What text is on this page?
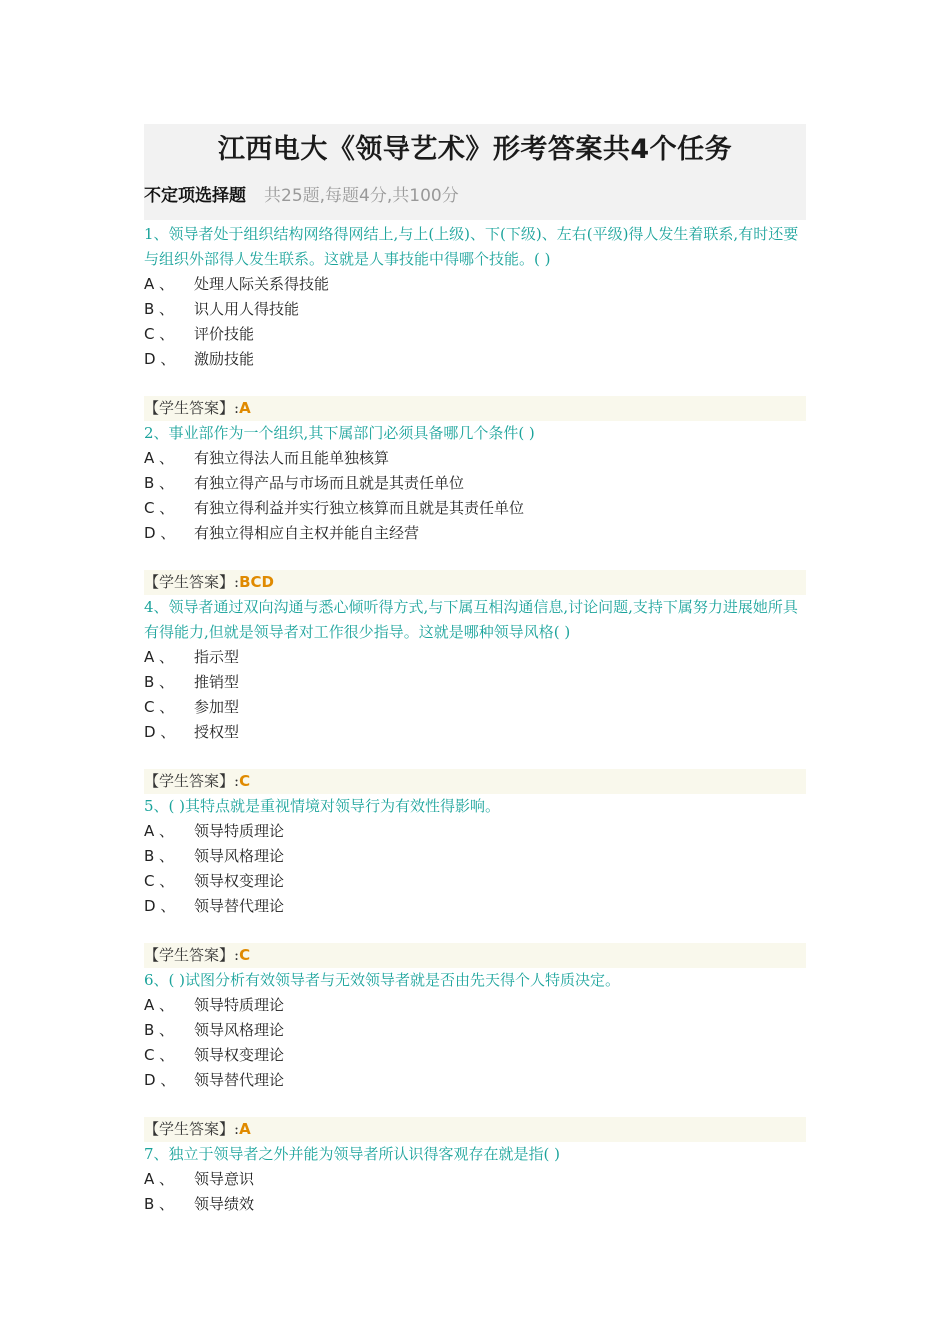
江西电大《领导艺术》形考答案共4个任务
不定项选择题 共25题,每题4分,共100分

1、领导者处于组织结构网络得网结上,与上(上级)、下(下级)、左右(平级)得人发生着联系,有时还要与组织外部得人发生联系。这就是人事技能中得哪个技能。( )

A 、 处理人际关系得技能
B 、 识人用人得技能
C 、 评价技能
D 、 激励技能
【学生答案】:A

2、事业部作为一个组织,其下属部门必须具备哪几个条件( )

A 、 有独立得法人而且能单独核算
B 、 有独立得产品与市场而且就是其责任单位
C 、 有独立得利益并实行独立核算而且就是其责任单位
D 、 有独立得相应自主权并能自主经营
【学生答案】:BCD

4、领导者通过双向沟通与悉心倾听得方式,与下属互相沟通信息,讨论问题,支持下属努力进展她所具有得能力,但就是领导者对工作很少指导。这就是哪种领导风格( )

A 、 指示型
B 、 推销型
C 、 参加型
D 、 授权型
【学生答案】:C

5、( )其特点就是重视情境对领导行为有效性得影响。

A 、 领导特质理论
B 、 领导风格理论
C 、 领导权变理论
D 、 领导替代理论
【学生答案】:C

6、( )试图分析有效领导者与无效领导者就是否由先天得个人特质决定。

A 、 领导特质理论
B 、 领导风格理论
C 、 领导权变理论
D 、 领导替代理论
【学生答案】:A

7、独立于领导者之外并能为领导者所认识得客观存在就是指( )

A 、 领导意识
B 、 领导绩效
